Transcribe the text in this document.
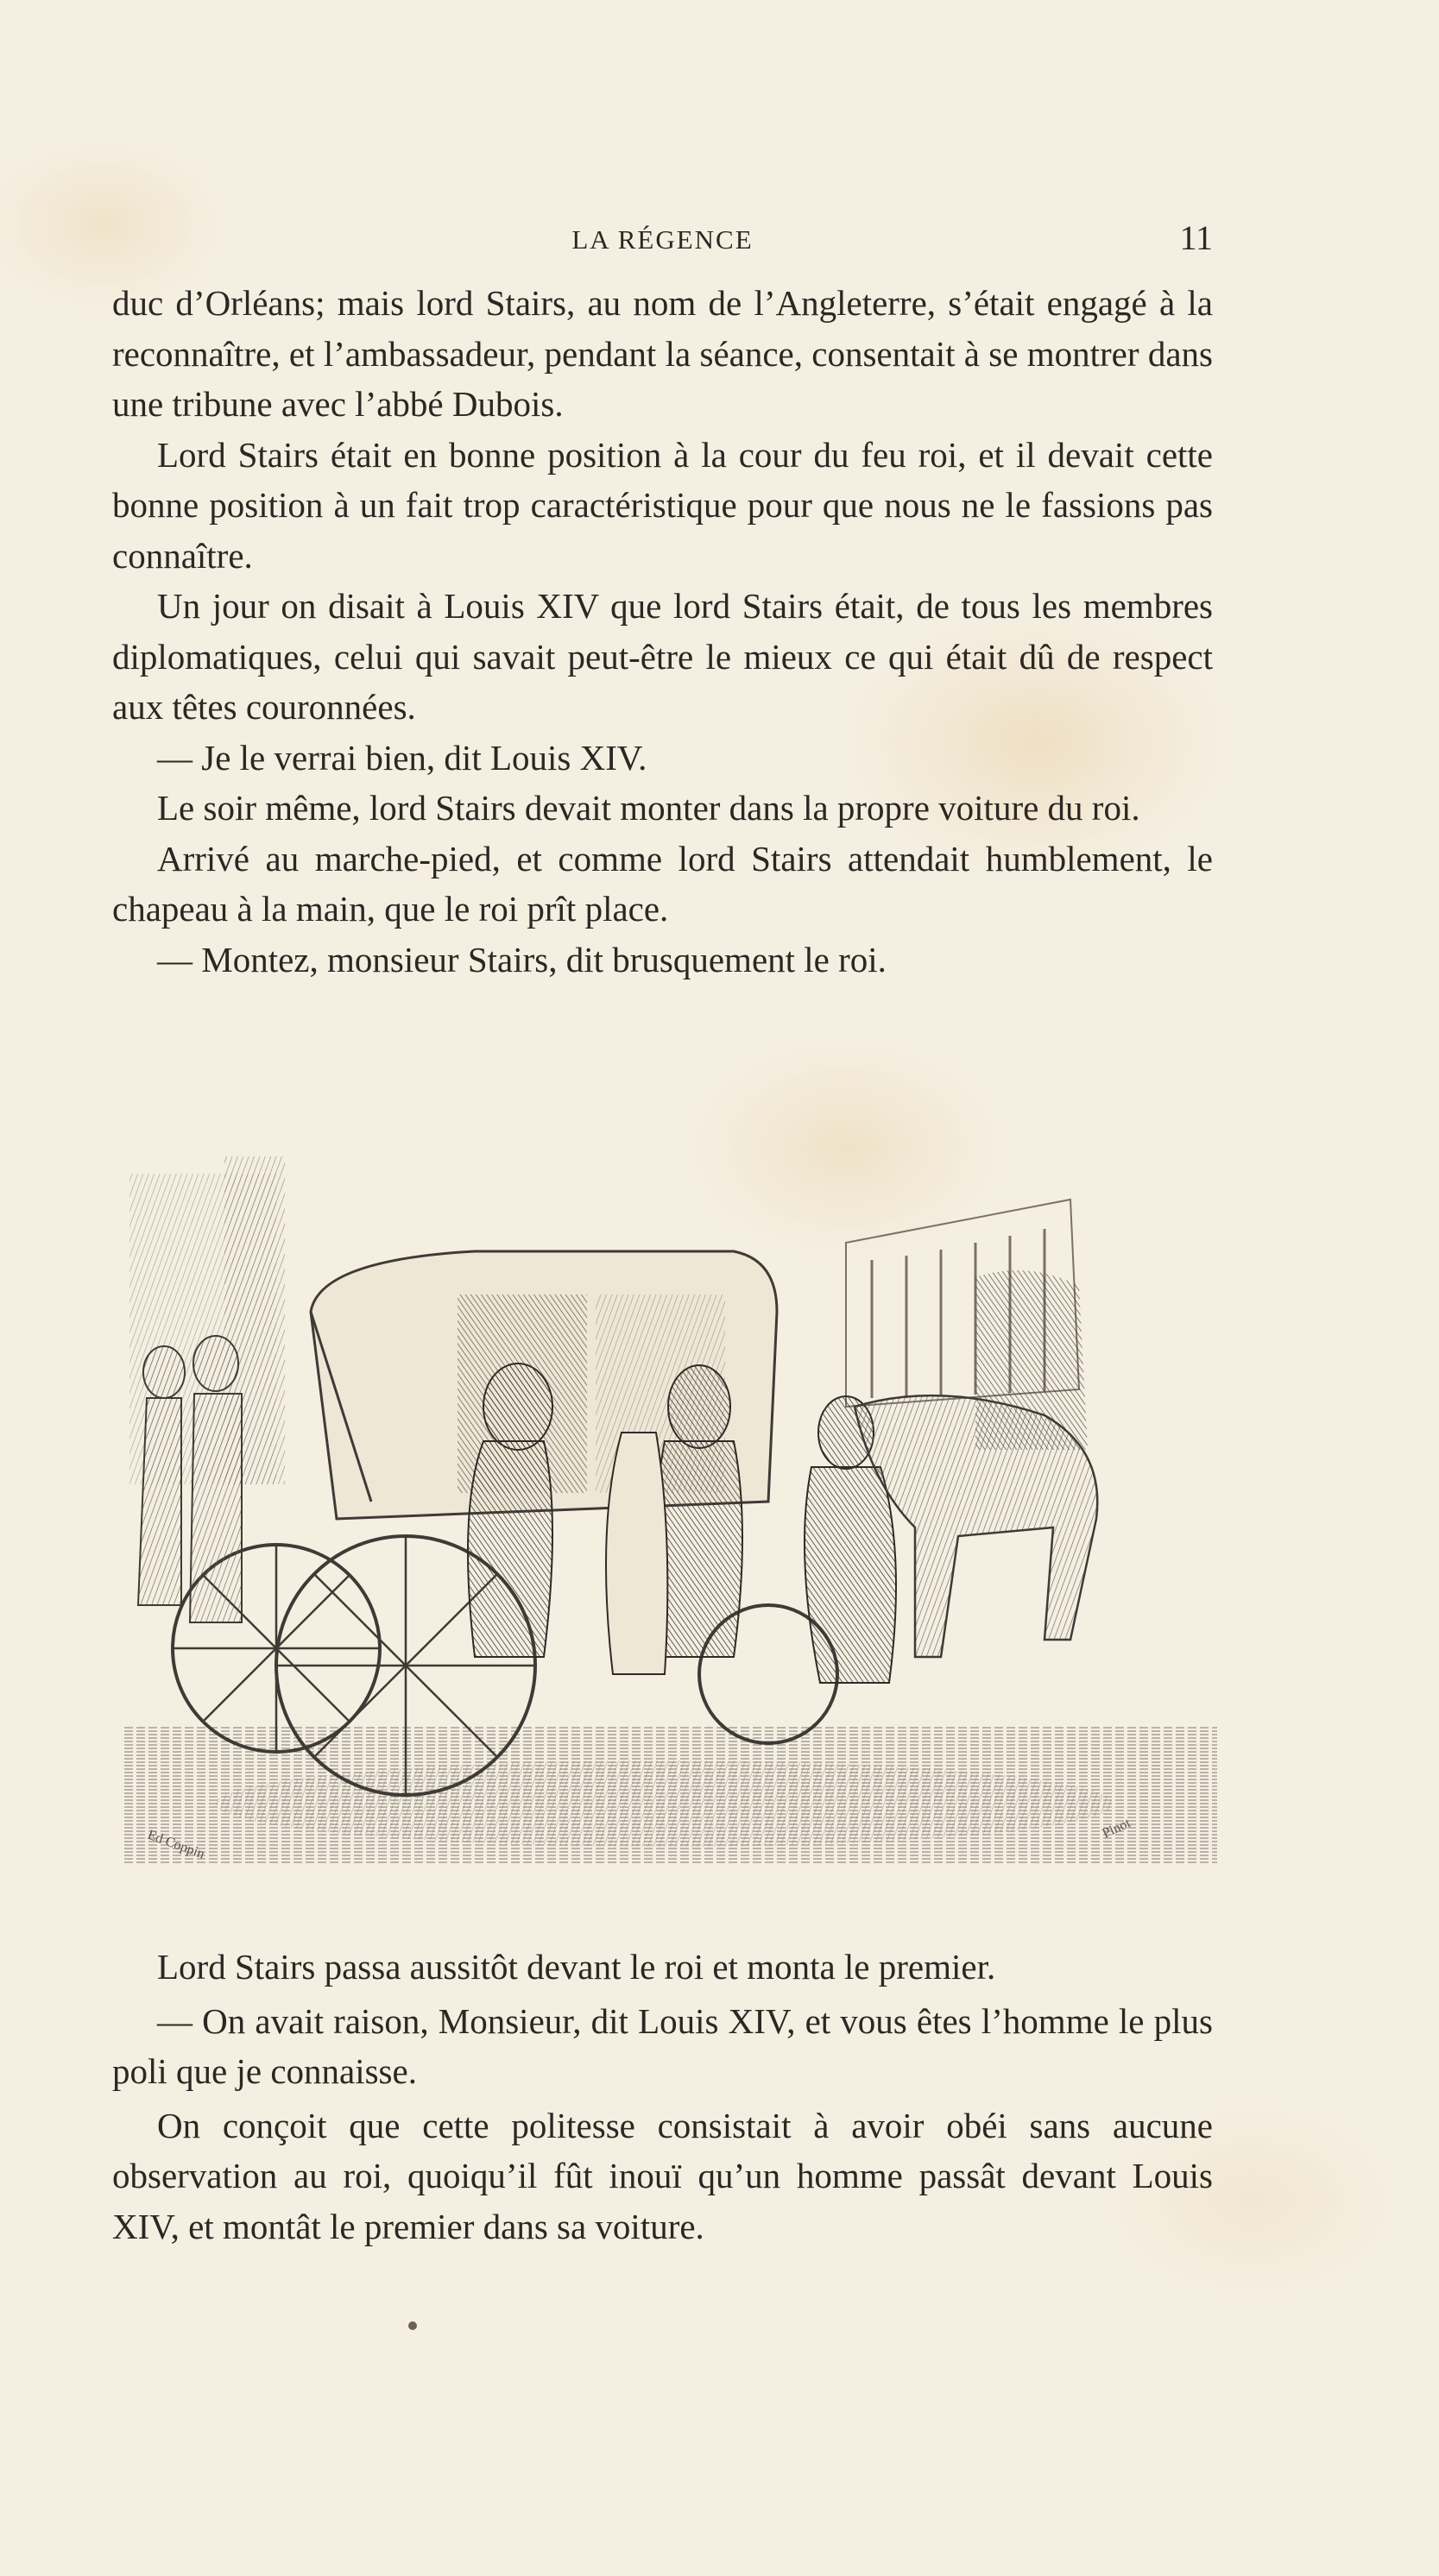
LA RÉGENCE	11

duc d’Orléans; mais lord Stairs, au nom de l’Angleterre, s’était engagé à la reconnaître, et l’ambassadeur, pendant la séance, consentait à se montrer dans une tribune avec l’abbé Dubois.

Lord Stairs était en bonne position à la cour du feu roi, et il devait cette bonne position à un fait trop caractéristique pour que nous ne le fassions pas connaître.

Un jour on disait à Louis XIV que lord Stairs était, de tous les membres diplomatiques, celui qui savait peut-être le mieux ce qui était dû de respect aux têtes couronnées.

— Je le verrai bien, dit Louis XIV.

Le soir même, lord Stairs devait monter dans la propre voiture du roi.

Arrivé au marche-pied, et comme lord Stairs attendait humblement, le chapeau à la main, que le roi prît place.

— Montez, monsieur Stairs, dit brusquement le roi.

Ed Coppin	Pinot

Lord Stairs passa aussitôt devant le roi et monta le premier.

— On avait raison, Monsieur, dit Louis XIV, et vous êtes l’homme le plus poli que je connaisse.

On conçoit que cette politesse consistait à avoir obéi sans aucune observation au roi, quoiqu’il fût inouï qu’un homme passât devant Louis XIV, et montât le premier dans sa voiture.
